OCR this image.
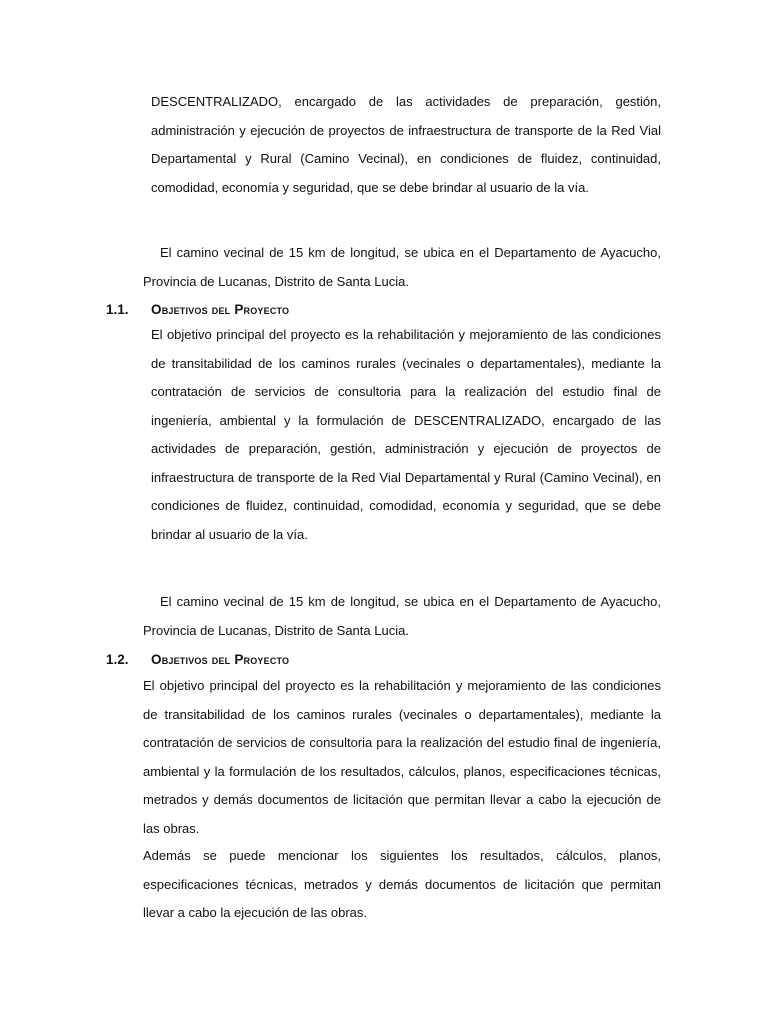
DESCENTRALIZADO, encargado de las actividades de preparación, gestión, administración y ejecución de proyectos de infraestructura de transporte de la Red Vial Departamental y Rural (Camino Vecinal), en condiciones de fluidez, continuidad, comodidad, economía y seguridad, que se debe brindar al usuario de la vía.

El camino vecinal de 15 km de longitud, se ubica en el Departamento de Ayacucho, Provincia de Lucanas, Distrito de Santa Lucia.

1.1. Objetivos del Proyecto

El objetivo principal del proyecto es la rehabilitación y mejoramiento de las condiciones de transitabilidad de los caminos rurales (vecinales o departamentales), mediante la contratación de servicios de consultoria para la realización del estudio final de ingeniería, ambiental y la formulación de DESCENTRALIZADO, encargado de las actividades de preparación, gestión, administración y ejecución de proyectos de infraestructura de transporte de la Red Vial Departamental y Rural (Camino Vecinal), en condiciones de fluidez, continuidad, comodidad, economía y seguridad, que se debe brindar al usuario de la vía.

El camino vecinal de 15 km de longitud, se ubica en el Departamento de Ayacucho, Provincia de Lucanas, Distrito de Santa Lucia.

1.2. Objetivos del Proyecto

El objetivo principal del proyecto es la rehabilitación y mejoramiento de las condiciones de transitabilidad de los caminos rurales (vecinales o departamentales), mediante la contratación de servicios de consultoria para la realización del estudio final de ingeniería, ambiental y la formulación de los resultados, cálculos, planos, especificaciones técnicas, metrados y demás documentos de licitación que permitan llevar a cabo la ejecución de las obras.

Además se puede mencionar los siguientes los resultados, cálculos, planos, especificaciones técnicas, metrados y demás documentos de licitación que permitan llevar a cabo la ejecución de las obras.
